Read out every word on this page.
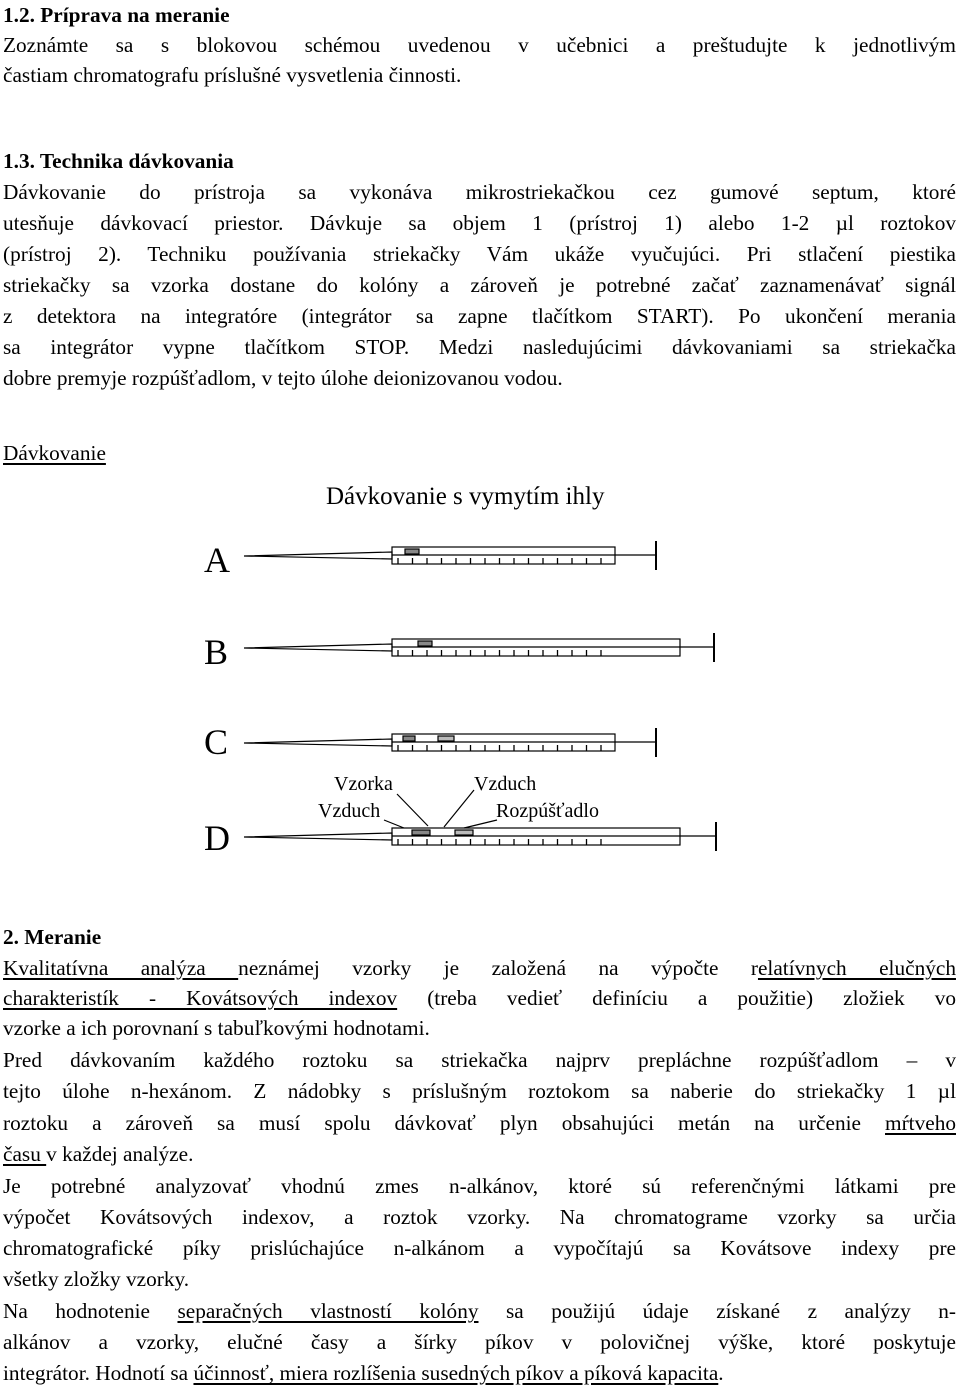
1.2. Príprava na meranie
Zoznámte sa s blokovou schémou uvedenou v učebnici a preštudujte k jednotlivým
častiam chromatografu príslušné vysvetlenia činnosti.
1.3. Technika dávkovania
Dávkovanie do prístroja sa vykonáva mikrostriekačkou cez gumové septum, ktoré
utesňuje dávkovací priestor. Dávkuje sa objem 1 (prístroj 1) alebo 1-2 µl roztokov
(prístroj 2). Techniku používania striekačky Vám ukáže vyučujúci. Pri stlačení piestika
striekačky sa vzorka dostane do kolóny a zároveň je potrebné začať zaznamenávať signál
z detektora na integratóre (integrátor sa zapne tlačítkom START). Po ukončení merania
sa integrátor vypne tlačítkom STOP. Medzi nasledujúcimi dávkovaniami sa striekačka
dobre premyje rozpúšťadlom, v tejto úlohe deionizovanou vodou.
Dávkovanie
Dávkovanie s vymytím ihly
A
B
C
D
Vzorka
Vzduch
Vzduch
Rozpúšťadlo
2. Meranie
Kvalitatívna analýza neznámej vzorky je založená na výpočte relatívnych elučných
charakteristík - Kovátsových indexov (treba vedieť definíciu a použitie) zložiek vo
vzorke a ich porovnaní s tabuľkovými hodnotami.
Pred dávkovaním každého roztoku sa striekačka najprv prepláchne rozpúšťadlom – v
tejto úlohe n-hexánom. Z nádobky s príslušným roztokom sa naberie do striekačky 1 µl
roztoku a zároveň sa musí spolu dávkovať plyn obsahujúci metán na určenie mŕtveho
času v každej analýze.
Je potrebné analyzovať vhodnú zmes n-alkánov, ktoré sú referenčnými látkami pre
výpočet Kovátsových indexov, a roztok vzorky. Na chromatograme vzorky sa určia
chromatografické píky prislúchajúce n-alkánom a vypočítajú sa Kovátsove indexy pre
všetky zložky vzorky.
Na hodnotenie separačných vlastností kolóny sa použijú údaje získané z analýzy n-
alkánov a vzorky, elučné časy a šírky píkov v polovičnej výške, ktoré poskytuje
integrátor. Hodnotí sa účinnosť, miera rozlíšenia susedných píkov a píková kapacita.
